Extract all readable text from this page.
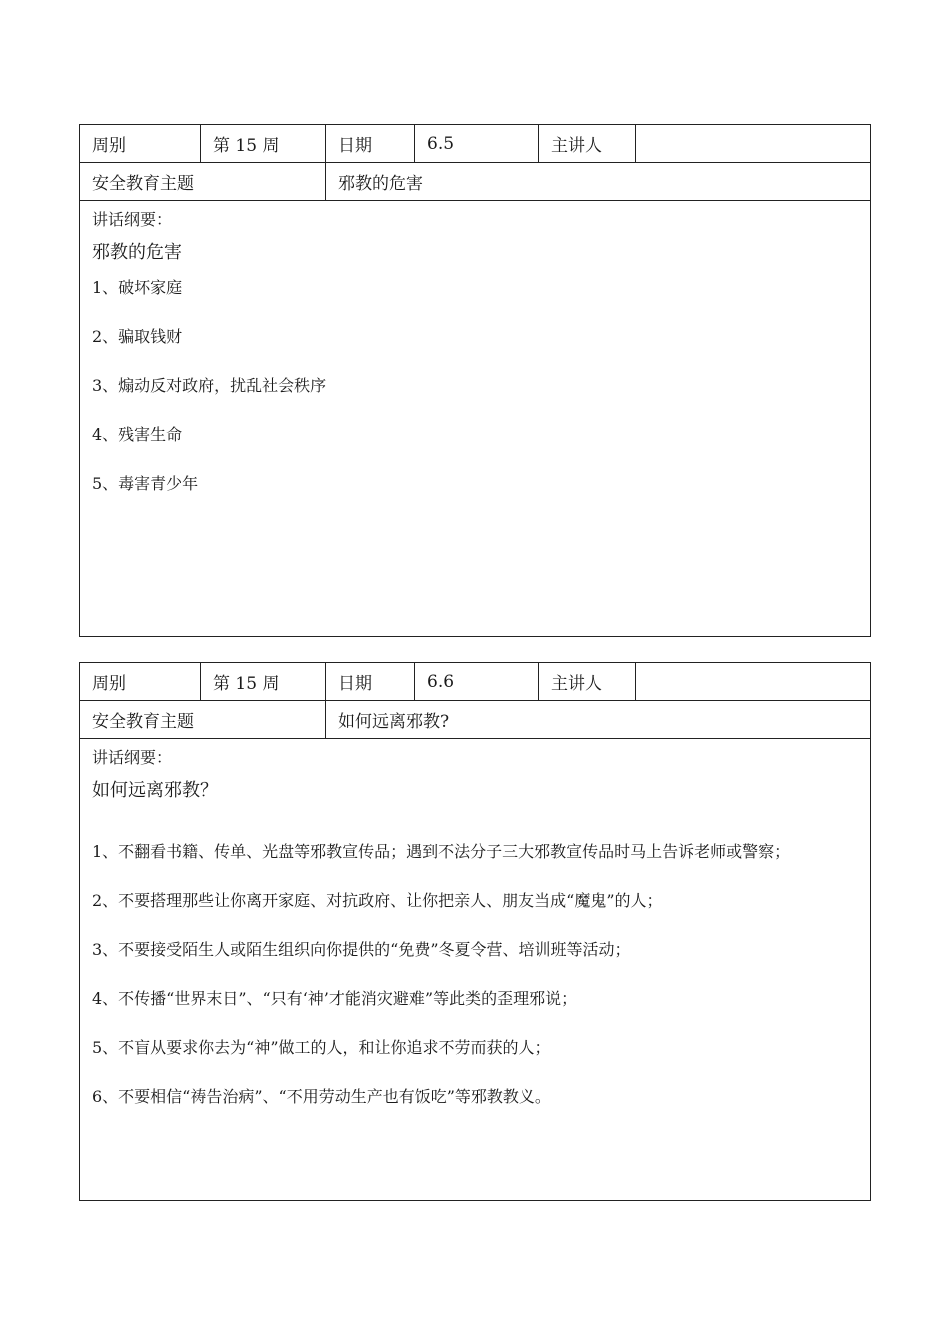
周别	第 15 周	日期	6.5	主讲人
安全教育主题	邪教的危害
讲话纲要：
邪教的危害
1、破坏家庭
2、骗取钱财
3、煽动反对政府，扰乱社会秩序
4、残害生命
5、毒害青少年
周别	第 15 周	日期	6.6	主讲人
安全教育主题	如何远离邪教?
讲话纲要：
如何远离邪教？
1、不翻看书籍、传单、光盘等邪教宣传品；遇到不法分子三大邪教宣传品时马上告诉老师或警察；
2、不要搭理那些让你离开家庭、对抗政府、让你把亲人、朋友当成“魔鬼”的人；
3、不要接受陌生人或陌生组织向你提供的“免费”冬夏令营、培训班等活动；
4、不传播“世界末日”、“只有‘神’才能消灾避难”等此类的歪理邪说；
5、不盲从要求你去为“神”做工的人，和让你追求不劳而获的人；
6、不要相信“祷告治病”、“不用劳动生产也有饭吃”等邪教教义。
